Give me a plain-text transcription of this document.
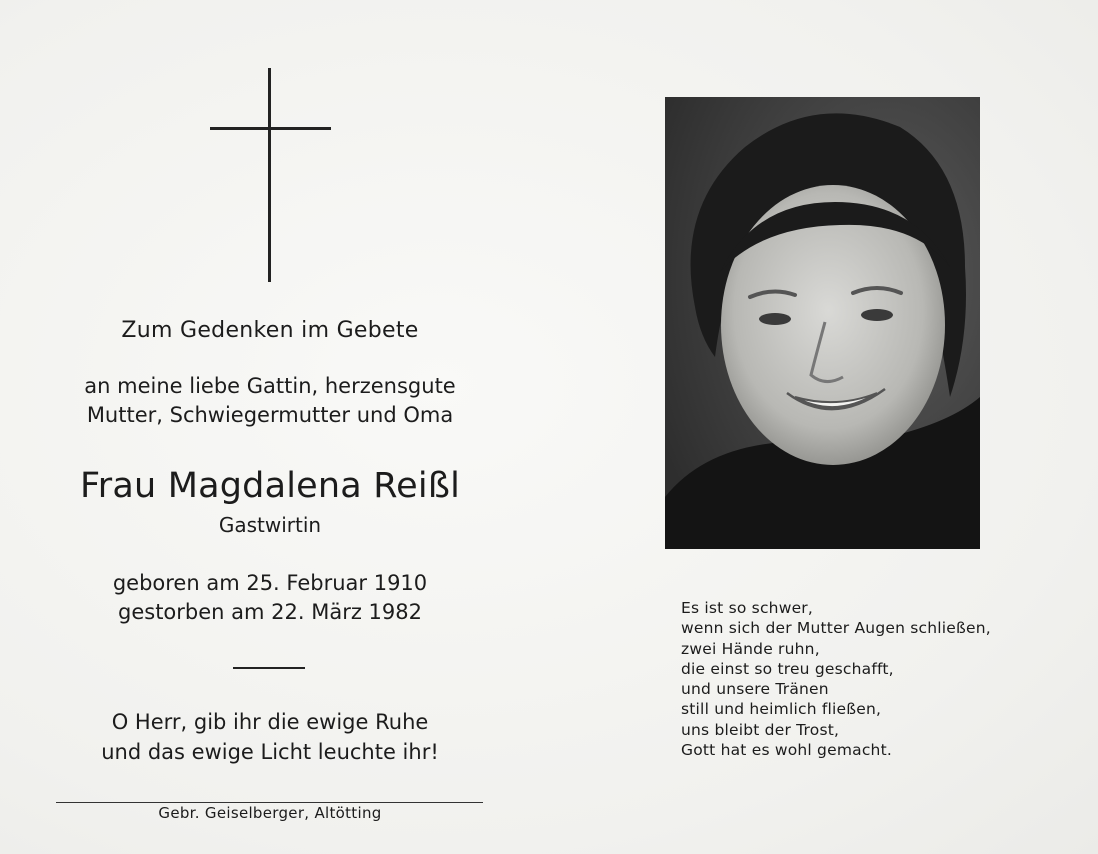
Zum Gedenken im Gebete
an meine liebe Gattin, herzensgute
Mutter, Schwiegermutter und Oma
Frau Magdalena Reißl
Gastwirtin
geboren am 25. Februar 1910
gestorben am 22. März 1982
O Herr, gib ihr die ewige Ruhe
und das ewige Licht leuchte ihr!
Gebr. Geiselberger, Altötting
Es ist so schwer,
wenn sich der Mutter Augen schließen,
zwei Hände ruhn,
die einst so treu geschafft,
und unsere Tränen
still und heimlich fließen,
uns bleibt der Trost,
Gott hat es wohl gemacht.
